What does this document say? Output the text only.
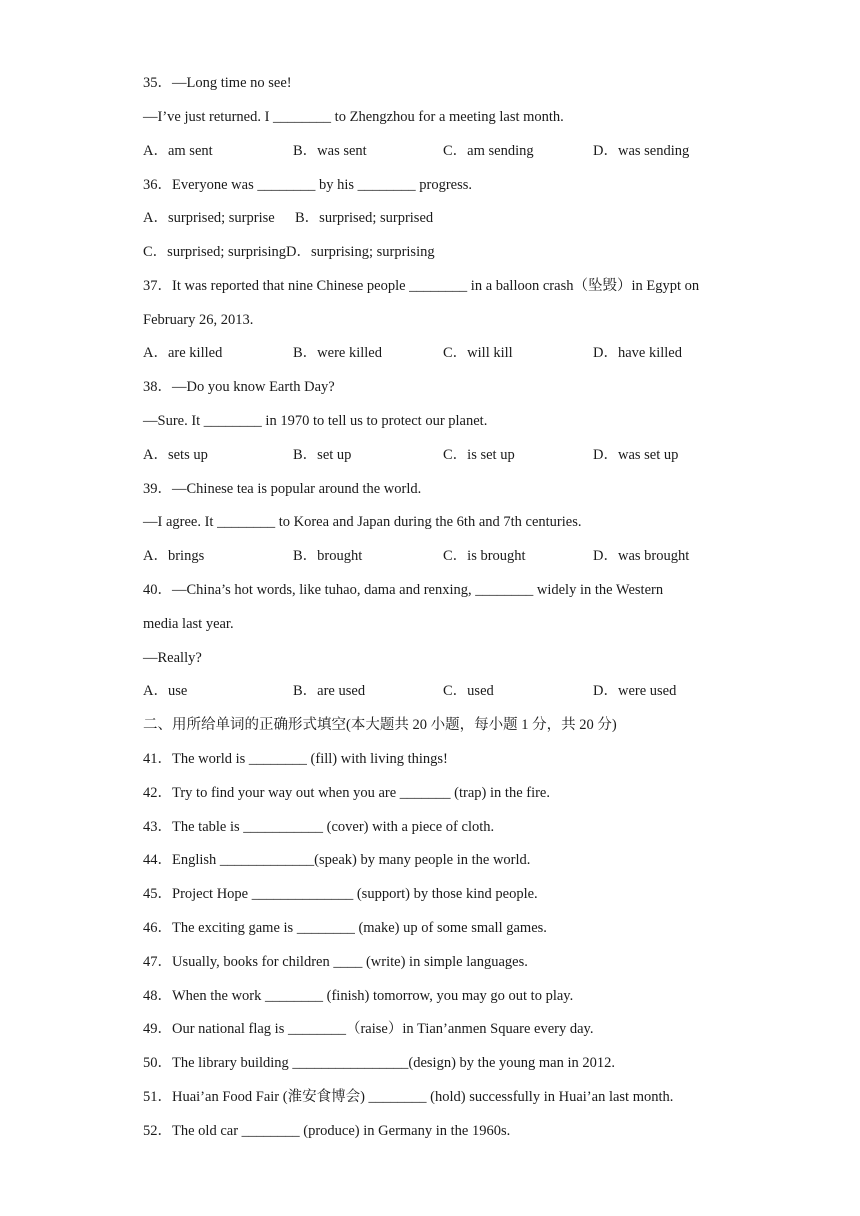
35．—Long time no see!
—I’ve just returned. I ________ to Zhengzhou for a meeting last month.
A．am sent	B．was sent	C．am sending	D．was sending
36．Everyone was ________ by his ________ progress.
A．surprised; surprise B．surprised; surprised
C．surprised; surprisingD．surprising; surprising
37．It was reported that nine Chinese people ________ in a balloon crash（坠毁）in Egypt on
February 26, 2013.
A．are killed	B．were killed	C．will kill	D．have killed
38．—Do you know Earth Day?
—Sure. It ________ in 1970 to tell us to protect our planet.
A．sets up	B．set up	C．is set up	D．was set up
39．—Chinese tea is popular around the world.
—I agree. It ________ to Korea and Japan during the 6th and 7th centuries.
A．brings	B．brought	C．is brought	D．was brought
40．—China’s hot words, like tuhao, dama and renxing, ________ widely in the Western
media last year.
—Really?
A．use	B．are used	C．used	D．were used
二、用所给单词的正确形式填空(本大题共 20 小题，每小题 1 分，共 20 分)
41．The world is ________ (fill) with living things!
42．Try to find your way out when you are _______ (trap) in the fire.
43．The table is ___________ (cover) with a piece of cloth.
44．English _____________(speak) by many people in the world.
45．Project Hope ______________ (support) by those kind people.
46．The exciting game is ________ (make) up of some small games.
47．Usually, books for children ____ (write) in simple languages.
48．When the work ________ (finish) tomorrow, you may go out to play.
49．Our national flag is ________（raise）in Tian’anmen Square every day.
50．The library building ________________(design) by the young man in 2012.
51．Huai’an Food Fair (淮安食博会) ________ (hold) successfully in Huai’an last month.
52．The old car ________ (produce) in Germany in the 1960s.
